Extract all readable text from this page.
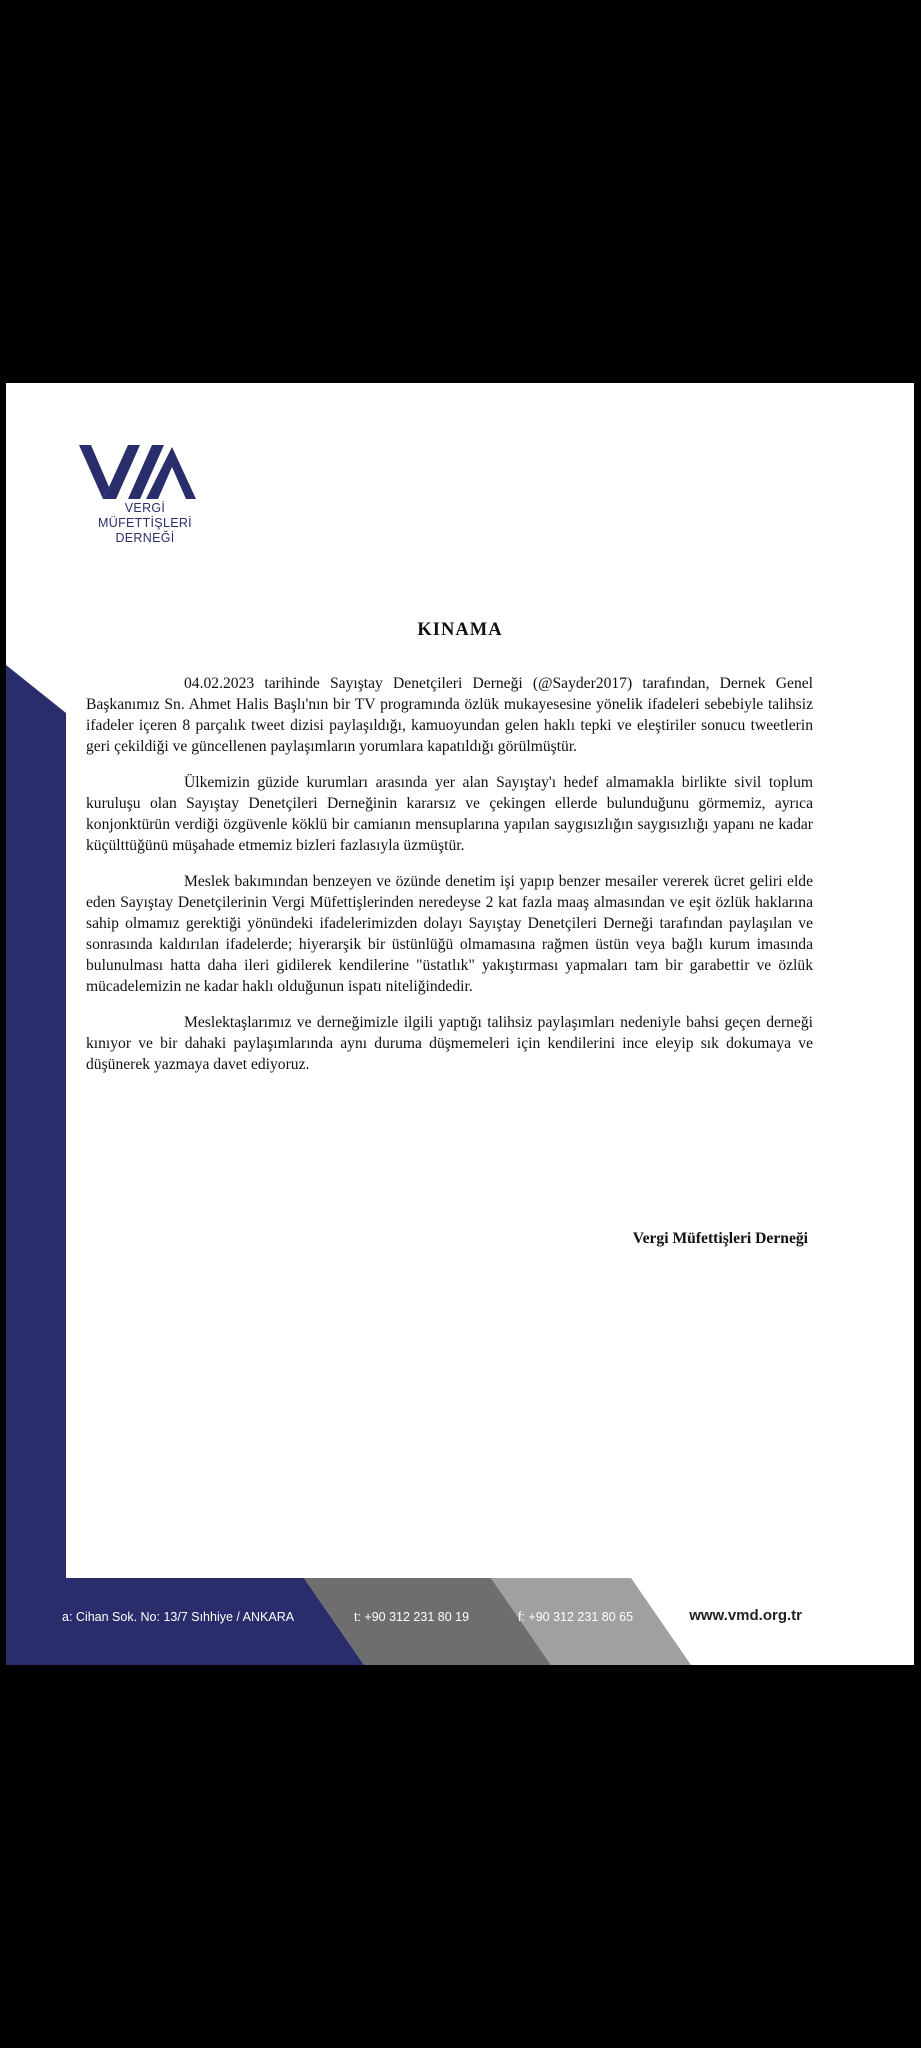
VERGİ MÜFETTİŞLERİ
DERNEĞİ
KINAMA

04.02.2023 tarihinde Sayıştay Denetçileri Derneği (@Sayder2017) tarafından, Dernek Genel Başkanımız Sn. Ahmet Halis Başlı'nın bir TV programında özlük mukayesesine yönelik ifadeleri sebebiyle talihsiz ifadeler içeren 8 parçalık tweet dizisi paylaşıldığı, kamuoyundan gelen haklı tepki ve eleştiriler sonucu tweetlerin geri çekildiği ve güncellenen paylaşımların yorumlara kapatıldığı görülmüştür.

Ülkemizin güzide kurumları arasında yer alan Sayıştay'ı hedef almamakla birlikte sivil toplum kuruluşu olan Sayıştay Denetçileri Derneğinin kararsız ve çekingen ellerde bulunduğunu görmemiz, ayrıca konjonktürün verdiği özgüvenle köklü bir camianın mensuplarına yapılan saygısızlığın saygısızlığı yapanı ne kadar küçülttüğünü müşahade etmemiz bizleri fazlasıyla üzmüştür.

Meslek bakımından benzeyen ve özünde denetim işi yapıp benzer mesailer vererek ücret geliri elde eden Sayıştay Denetçilerinin Vergi Müfettişlerinden neredeyse 2 kat fazla maaş almasından ve eşit özlük haklarına sahip olmamız gerektiği yönündeki ifadelerimizden dolayı Sayıştay Denetçileri Derneği tarafından paylaşılan ve sonrasında kaldırılan ifadelerde; hiyerarşik bir üstünlüğü olmamasına rağmen üstün veya bağlı kurum imasında bulunulması hatta daha ileri gidilerek kendilerine "üstatlık" yakıştırması yapmaları tam bir garabettir ve özlük mücadelemizin ne kadar haklı olduğunun ispatı niteliğindedir.

Meslektaşlarımız ve derneğimizle ilgili yaptığı talihsiz paylaşımları nedeniyle bahsi geçen derneği kınıyor ve bir dahaki paylaşımlarında aynı duruma düşmemeleri için kendilerini ince eleyip sık dokumaya ve düşünerek yazmaya davet ediyoruz.

Vergi Müfettişleri Derneği
a: Cihan Sok. No: 13/7 Sıhhiye / ANKARA	t: +90 312 231 80 19	f: +90 312 231 80 65	www.vmd.org.tr
